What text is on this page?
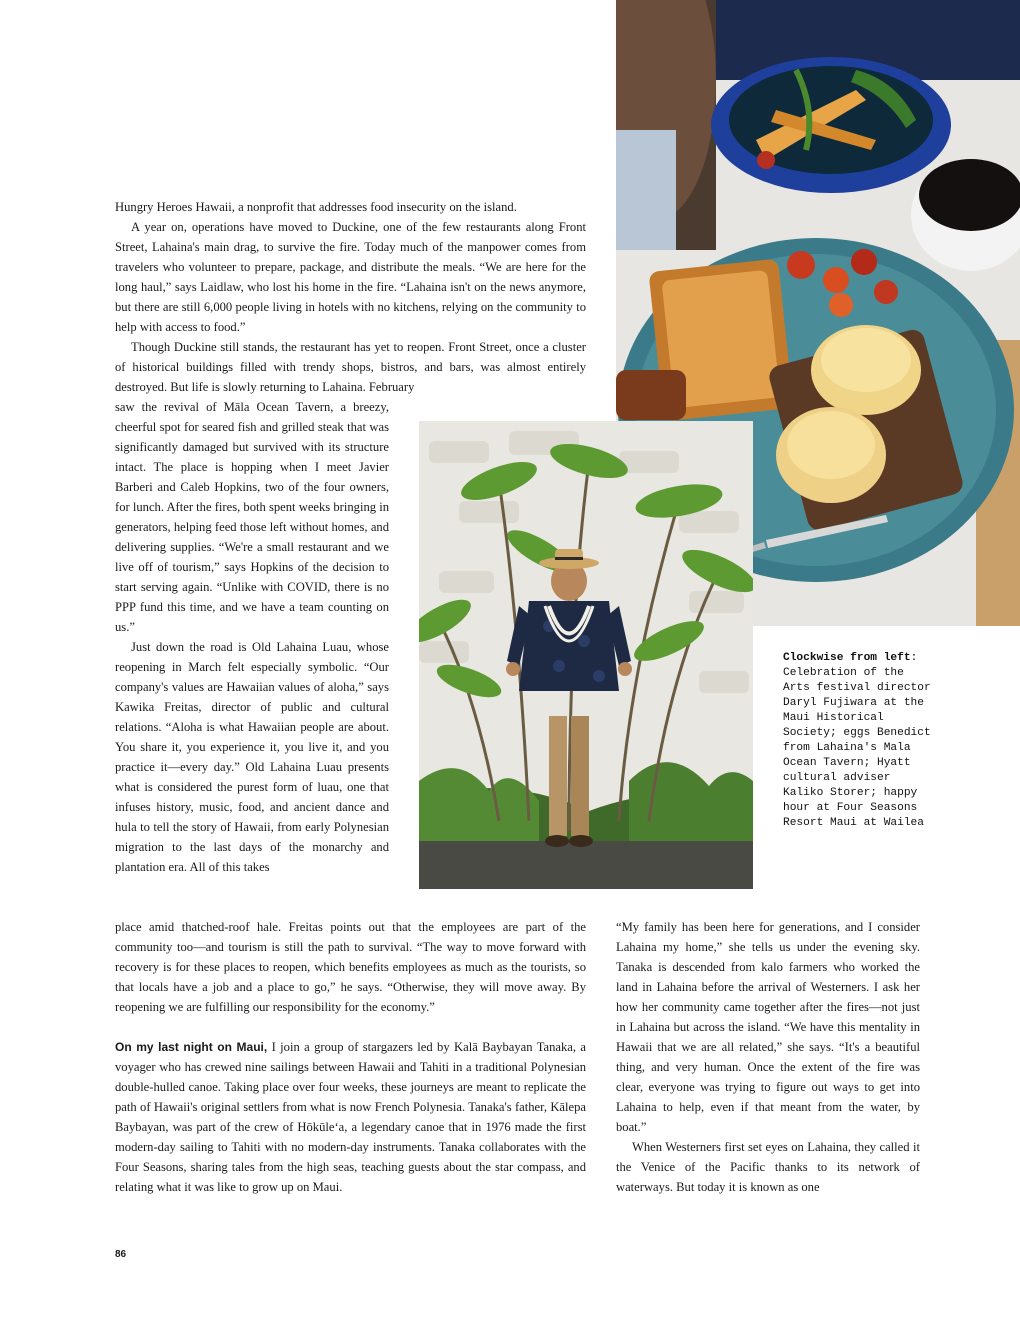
Hungry Heroes Hawaii, a nonprofit that addresses food insecurity on the island.

A year on, operations have moved to Duckine, one of the few restaurants along Front Street, Lahaina's main drag, to survive the fire. Today much of the manpower comes from travelers who volunteer to prepare, package, and distribute the meals. “We are here for the long haul,” says Laidlaw, who lost his home in the fire. “Lahaina isn't on the news anymore, but there are still 6,000 people living in hotels with no kitchens, relying on the community to help with access to food.”

Though Duckine still stands, the restaurant has yet to reopen. Front Street, once a cluster of historical buildings filled with trendy shops, bistros, and bars, was almost entirely destroyed. But life is slowly returning to Lahaina. February

saw the revival of Māla Ocean Tavern, a breezy, cheerful spot for seared fish and grilled steak that was significantly damaged but survived with its structure intact. The place is hopping when I meet Javier Barberi and Caleb Hopkins, two of the four owners, for lunch. After the fires, both spent weeks bringing in generators, helping feed those left without homes, and delivering supplies. “We're a small restaurant and we live off of tourism,” says Hopkins of the decision to start serving again. “Unlike with COVID, there is no PPP fund this time, and we have a team counting on us.”

Just down the road is Old Lahaina Luau, whose reopening in March felt especially symbolic. “Our company's values are Hawaiian values of aloha,” says Kawika Freitas, director of public and cultural relations. “Aloha is what Hawaiian people are about. You share it, you experience it, you live it, and you practice it—every day.” Old Lahaina Luau presents what is considered the purest form of luau, one that infuses history, music, food, and ancient dance and hula to tell the story of Hawaii, from early Polynesian migration to the last days of the monarchy and plantation era. All of this takes

place amid thatched-roof hale. Freitas points out that the employees are part of the community too—and tourism is still the path to survival. “The way to move forward with recovery is for these places to reopen, which benefits employees as much as the tourists, so that locals have a job and a place to go,” he says. “Otherwise, they will move away. By reopening we are fulfilling our responsibility for the economy.”

On my last night on Maui, I join a group of stargazers led by Kalā Baybayan Tanaka, a voyager who has crewed nine sailings between Hawaii and Tahiti in a traditional Polynesian double-hulled canoe. Taking place over four weeks, these journeys are meant to replicate the path of Hawaii's original settlers from what is now French Polynesia. Tanaka's father, Kālepa Baybayan, was part of the crew of Hōkūleʻa, a legendary canoe that in 1976 made the first modern-day sailing to Tahiti with no modern-day instruments. Tanaka collaborates with the Four Seasons, sharing tales from the high seas, teaching guests about the star compass, and relating what it was like to grow up on Maui.

“My family has been here for generations, and I consider Lahaina my home,” she tells us under the evening sky. Tanaka is descended from kalo farmers who worked the land in Lahaina before the arrival of Westerners. I ask her how her community came together after the fires—not just in Lahaina but across the island. “We have this mentality in Hawaii that we are all related,” she says. “It's a beautiful thing, and very human. Once the extent of the fire was clear, everyone was trying to figure out ways to get into Lahaina to help, even if that meant from the water, by boat.”

When Westerners first set eyes on Lahaina, they called it the Venice of the Pacific thanks to its network of waterways. But today it is known as one

Clockwise from left: Celebration of the Arts festival director Daryl Fujiwara at the Maui Historical Society; eggs Benedict from Lahaina's Mala Ocean Tavern; Hyatt cultural adviser Kaliko Storer; happy hour at Four Seasons Resort Maui at Wailea
86
